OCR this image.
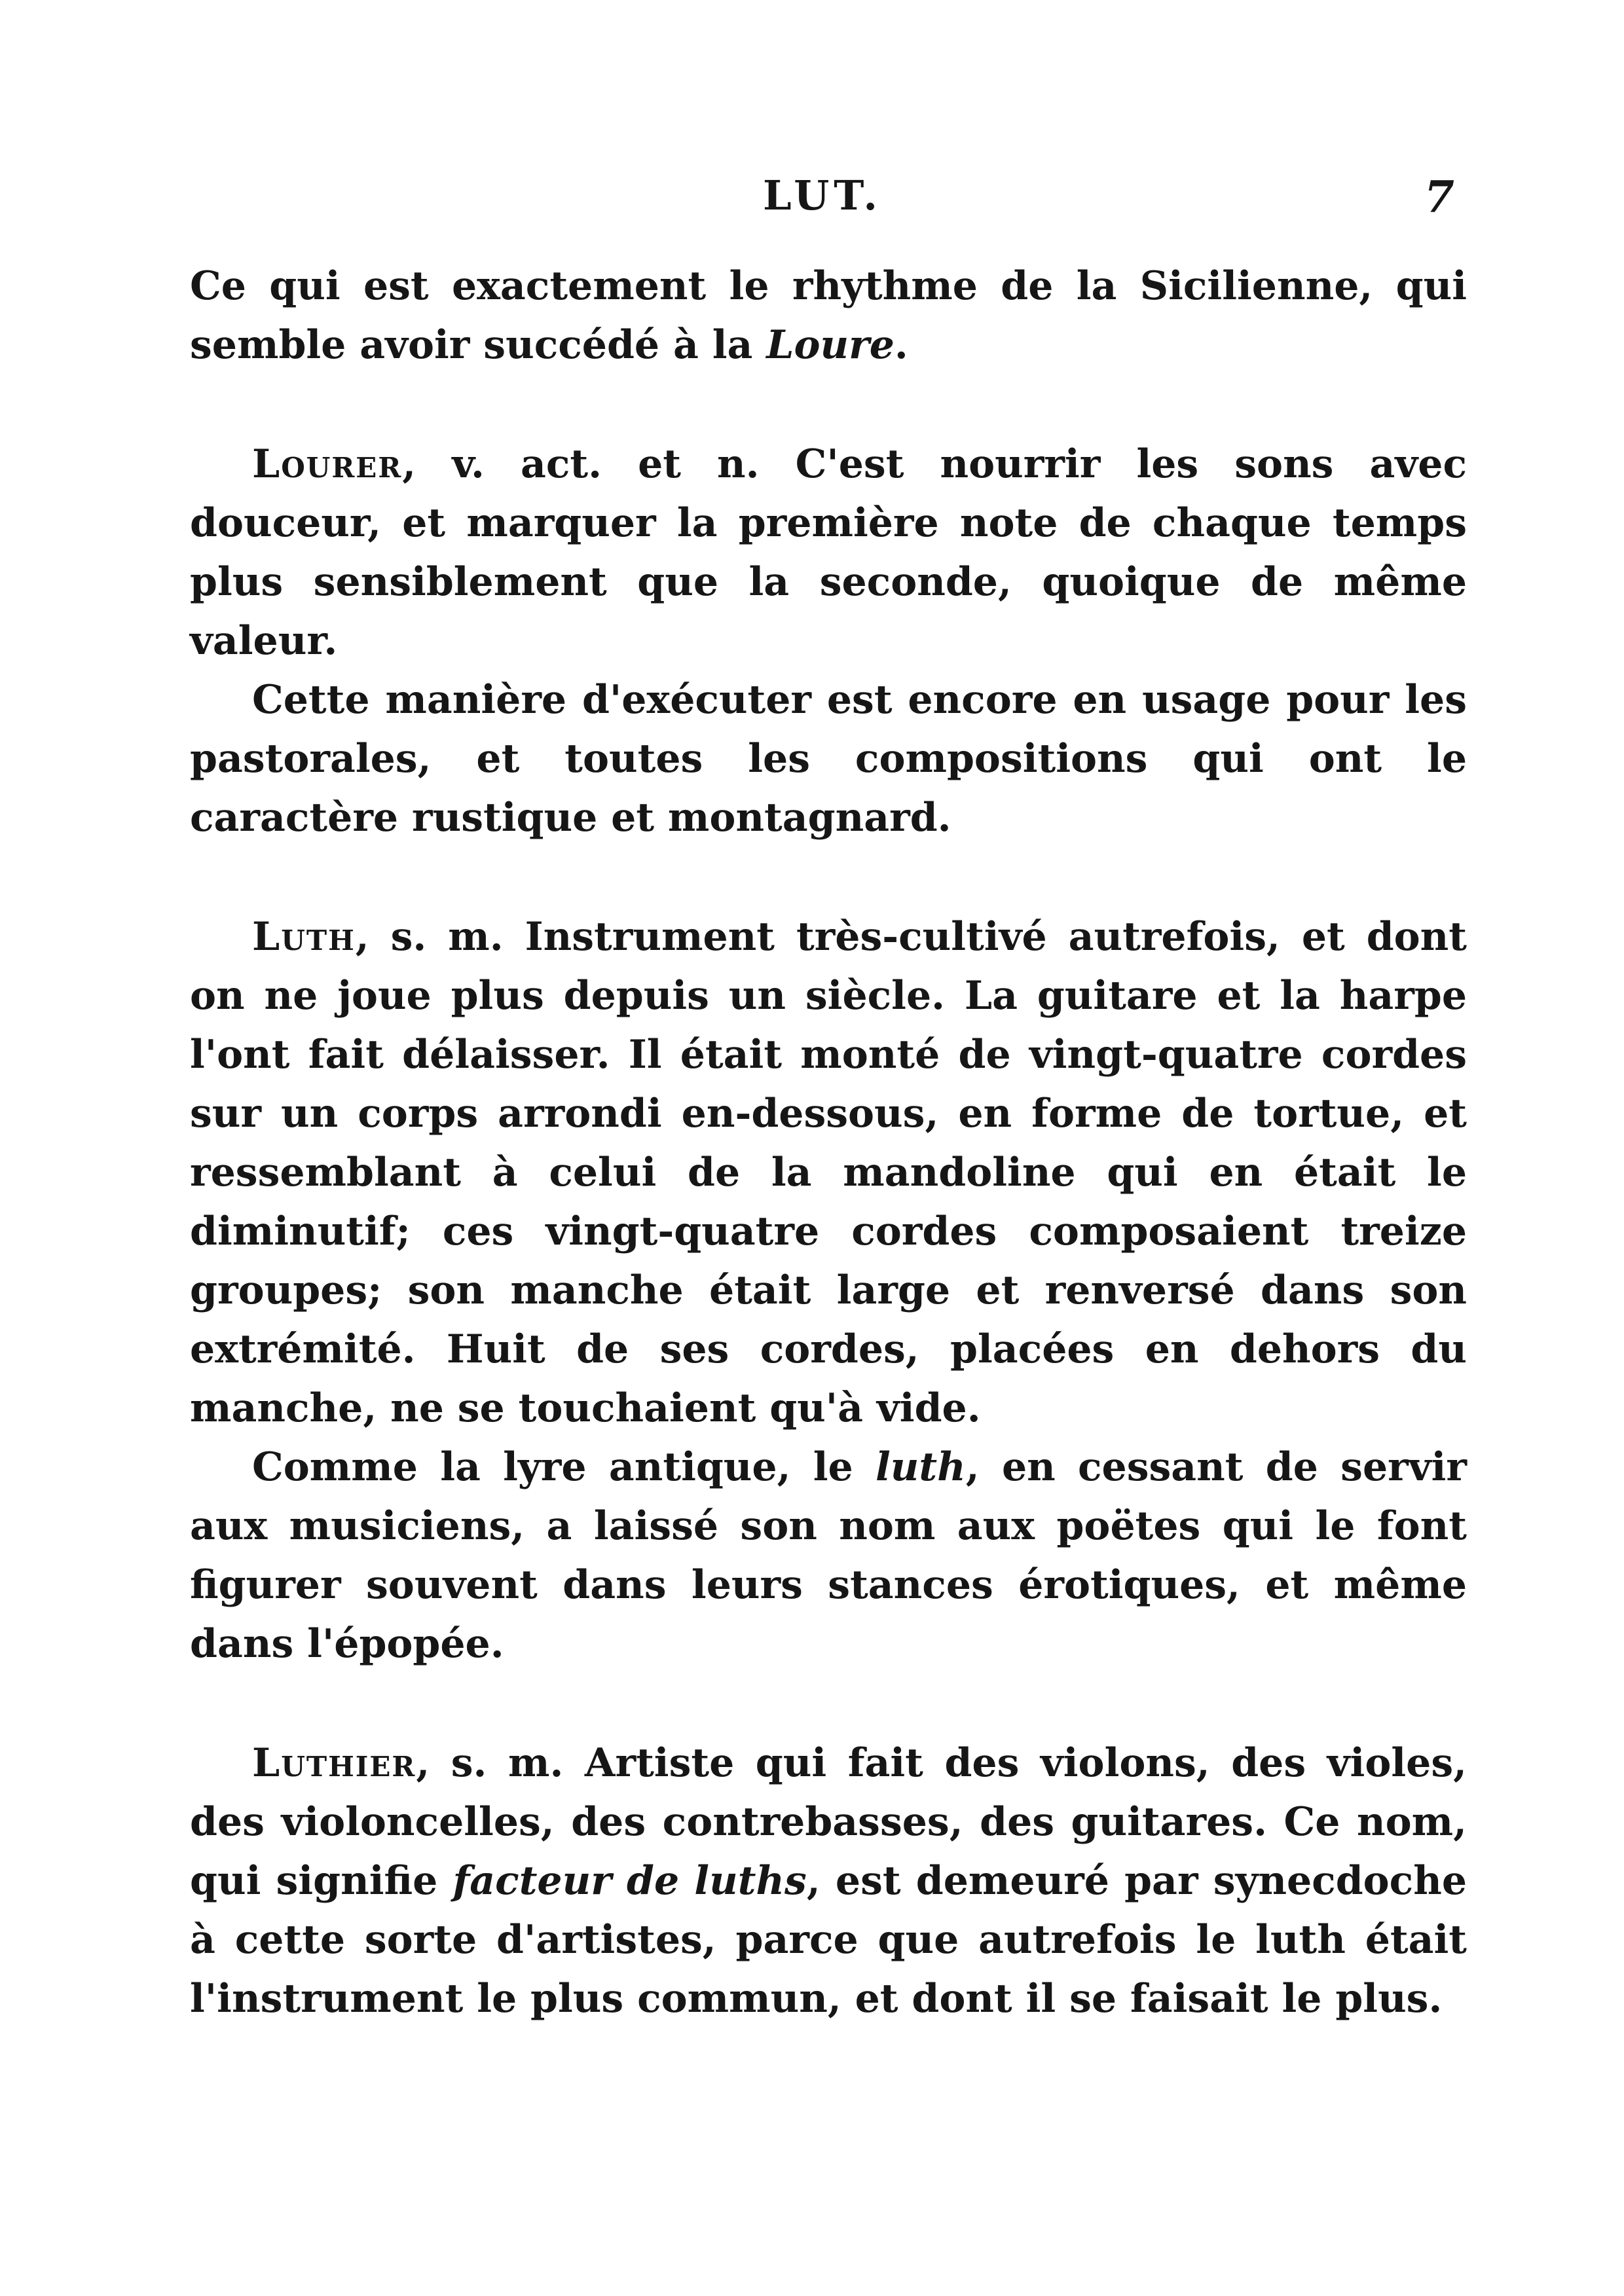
LUT.	7

Ce qui est exactement le rhythme de la Sicilienne, qui semble avoir succédé à la Loure.

Lourer, v. act. et n. C'est nourrir les sons avec douceur, et marquer la première note de chaque temps plus sensiblement que la seconde, quoique de même valeur.

Cette manière d'exécuter est encore en usage pour les pastorales, et toutes les compositions qui ont le caractère rustique et montagnard.

Luth, s. m. Instrument très-cultivé autrefois, et dont on ne joue plus depuis un siècle. La guitare et la harpe l'ont fait délaisser. Il était monté de vingt-quatre cordes sur un corps arrondi en-dessous, en forme de tortue, et ressemblant à celui de la mandoline qui en était le diminutif; ces vingt-quatre cordes composaient treize groupes; son manche était large et renversé dans son extrémité. Huit de ses cordes, placées en dehors du manche, ne se touchaient qu'à vide.

Comme la lyre antique, le luth, en cessant de servir aux musiciens, a laissé son nom aux poëtes qui le font figurer souvent dans leurs stances érotiques, et même dans l'épopée.

Luthier, s. m. Artiste qui fait des violons, des violes, des violoncelles, des contrebasses, des guitares. Ce nom, qui signifie facteur de luths, est demeuré par synecdoche à cette sorte d'artistes, parce que autrefois le luth était l'instrument le plus commun, et dont il se faisait le plus.
